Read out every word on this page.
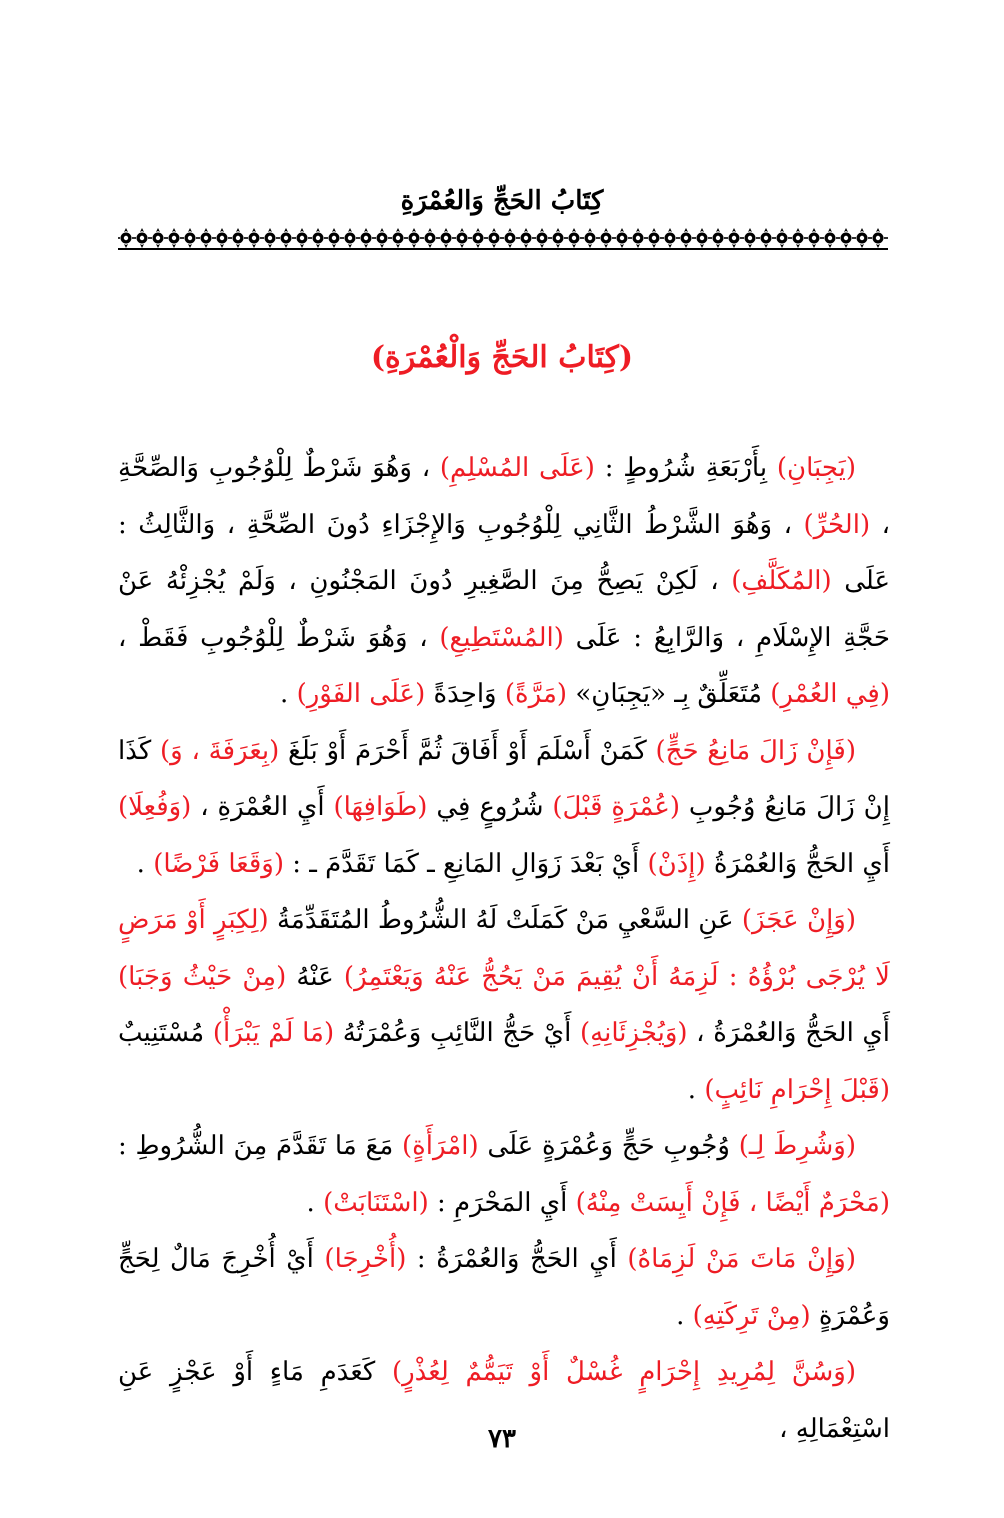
كِتَابُ الحَجِّ وَالعُمْرَةِ
(كِتَابُ الحَجِّ وَالْعُمْرَةِ)

(يَجِبَانِ) بِأَرْبَعَةِ شُرُوطٍ : (عَلَى المُسْلِمِ) ، وَهُوَ شَرْطٌ لِلْوُجُوبِ وَالصِّحَّةِ ، (الحُرِّ) ، وَهُوَ الشَّرْطُ الثَّانِي لِلْوُجُوبِ وَالإِجْزَاءِ دُونَ الصِّحَّةِ ، وَالثَّالِثُ : عَلَى (المُكَلَّفِ) ، لَكِنْ يَصِحُّ مِنَ الصَّغِيرِ دُونَ المَجْنُونِ ، وَلَمْ يُجْزِئْهُ عَنْ حَجَّةِ الإِسْلَامِ ، وَالرَّابِعُ : عَلَى (المُسْتَطِيعِ) ، وَهُوَ شَرْطٌ لِلْوُجُوبِ فَقَطْ ، (فِي العُمْرِ) مُتَعَلِّقٌ بِـ «يَجِبَانِ» (مَرَّةً) وَاحِدَةً (عَلَى الفَوْرِ) .

(فَإِنْ زَالَ مَانِعُ حَجٍّ) كَمَنْ أَسْلَمَ أَوْ أَفَاقَ ثُمَّ أَحْرَمَ أَوْ بَلَغَ (بِعَرَفَةَ ، وَ) كَذَا إِنْ زَالَ مَانِعُ وُجُوبِ (عُمْرَةٍ قَبْلَ) شُرُوعٍ فِي (طَوَافِهَا) أَيِ العُمْرَةِ ، (وَفُعِلَا) أَيِ الحَجُّ وَالعُمْرَةُ (إِذَنْ) أَيْ بَعْدَ زَوَالِ المَانِعِ ـ كَمَا تَقَدَّمَ ـ : (وَقَعَا فَرْضًا) .

(وَإِنْ عَجَزَ) عَنِ السَّعْيِ مَنْ كَمَلَتْ لَهُ الشُّرُوطُ المُتَقَدِّمَةُ (لِكِبَرٍ أَوْ مَرَضٍ لَا يُرْجَى بُرْؤُهُ : لَزِمَهُ أَنْ يُقِيمَ مَنْ يَحُجُّ عَنْهُ وَيَعْتَمِرُ) عَنْهُ (مِنْ حَيْثُ وَجَبَا) أَيِ الحَجُّ وَالعُمْرَةُ ، (وَيُجْزِئَانِهِ) أَيْ حَجُّ النَّائِبِ وَعُمْرَتُهُ (مَا لَمْ يَبْرَأْ) مُسْتَنِيبٌ (قَبْلَ إِحْرَامِ نَائِبٍ) .

(وَشُرِطَ لِـ) وُجُوبِ حَجٍّ وَعُمْرَةٍ عَلَى (امْرَأَةٍ) مَعَ مَا تَقَدَّمَ مِنَ الشُّرُوطِ : (مَحْرَمٌ أَيْضًا ، فَإِنْ أَيِسَتْ مِنْهُ) أَيِ المَحْرَمِ : (اسْتَنَابَتْ) .

(وَإِنْ مَاتَ مَنْ لَزِمَاهُ) أَيِ الحَجُّ وَالعُمْرَةُ : (أُخْرِجَا) أَيْ أُخْرِجَ مَالٌ لِحَجٍّ وَعُمْرَةٍ (مِنْ تَرِكَتِهِ) .

(وَسُنَّ لِمُرِيدِ إِحْرَامٍ غُسْلٌ أَوْ تَيَمُّمٌ لِعُذْرٍ) كَعَدَمِ مَاءٍ أَوْ عَجْزٍ عَنِ اسْتِعْمَالِهِ ،

٧٣
